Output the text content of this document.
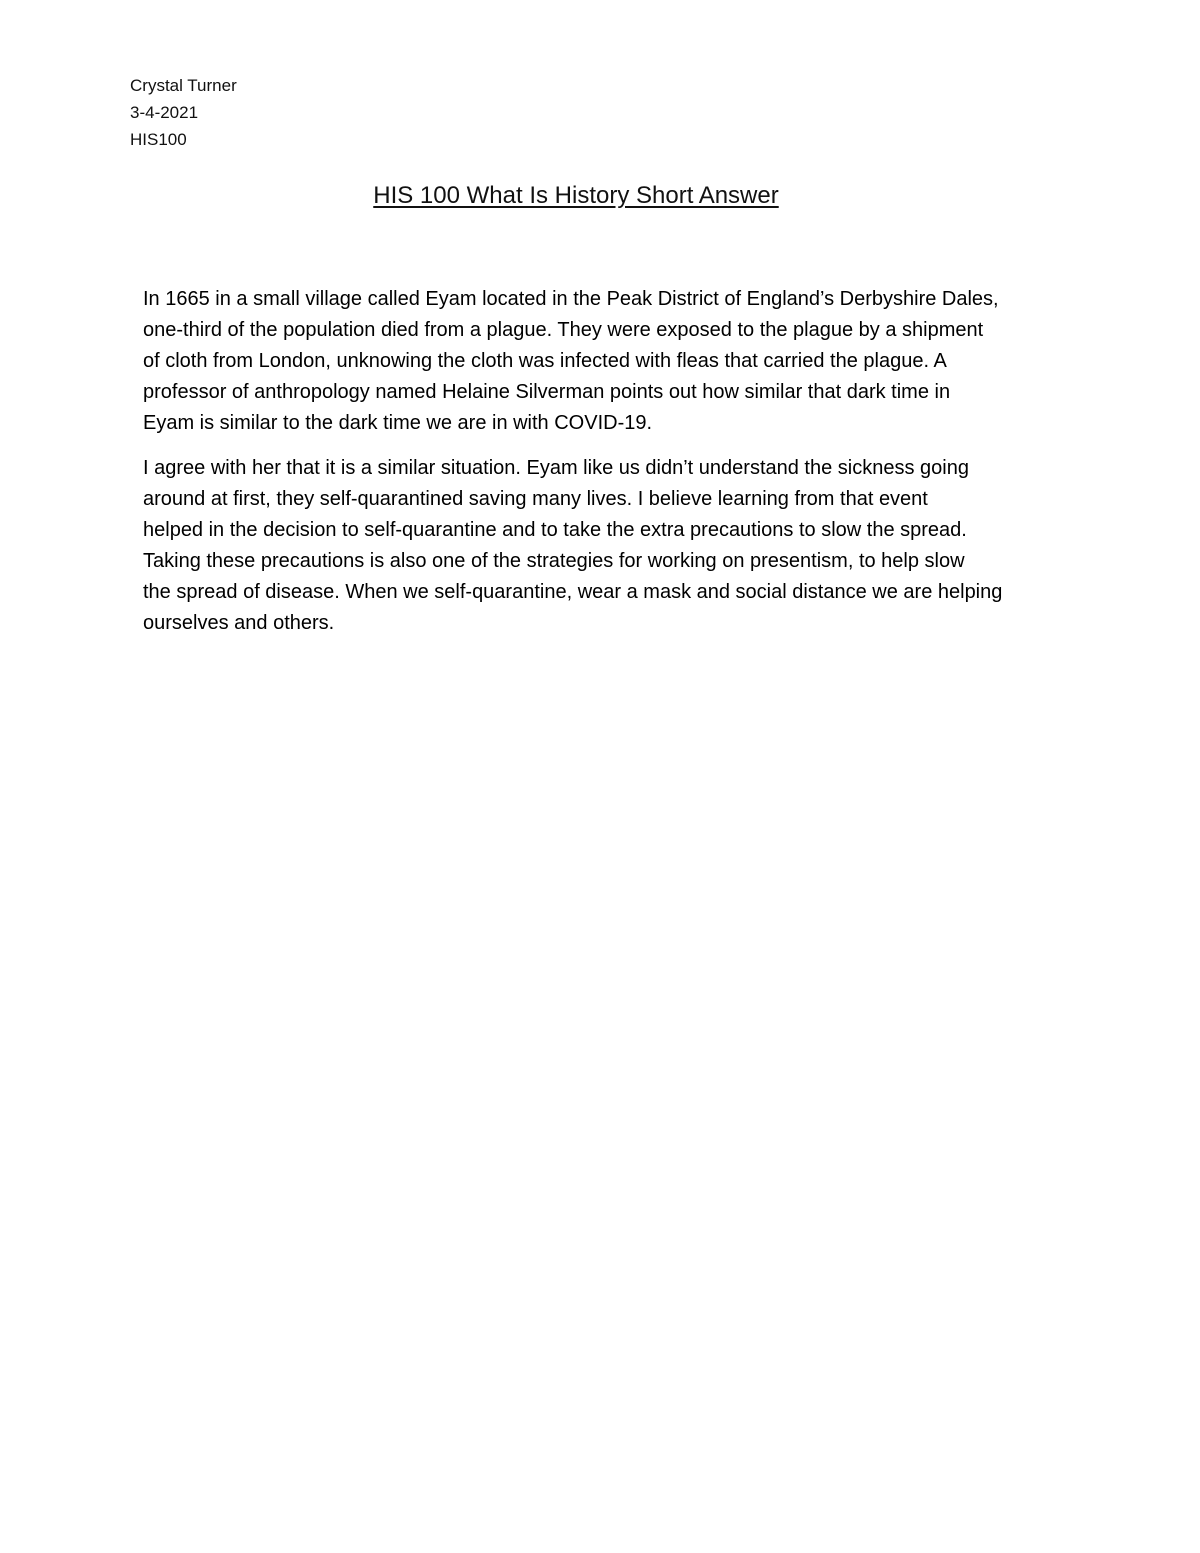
Crystal Turner
3-4-2021
HIS100
HIS 100 What Is History Short Answer

In 1665 in a small village called Eyam located in the Peak District of England’s Derbyshire Dales,
one-third of the population died from a plague. They were exposed to the plague by a shipment
of cloth from London, unknowing the cloth was infected with fleas that carried the plague. A
professor of anthropology named Helaine Silverman points out how similar that dark time in
Eyam is similar to the dark time we are in with COVID-19.

I agree with her that it is a similar situation. Eyam like us didn’t understand the sickness going
around at first, they self-quarantined saving many lives. I believe learning from that event
helped in the decision to self-quarantine and to take the extra precautions to slow the spread.
Taking these precautions is also one of the strategies for working on presentism, to help slow
the spread of disease. When we self-quarantine, wear a mask and social distance we are helping
ourselves and others.
